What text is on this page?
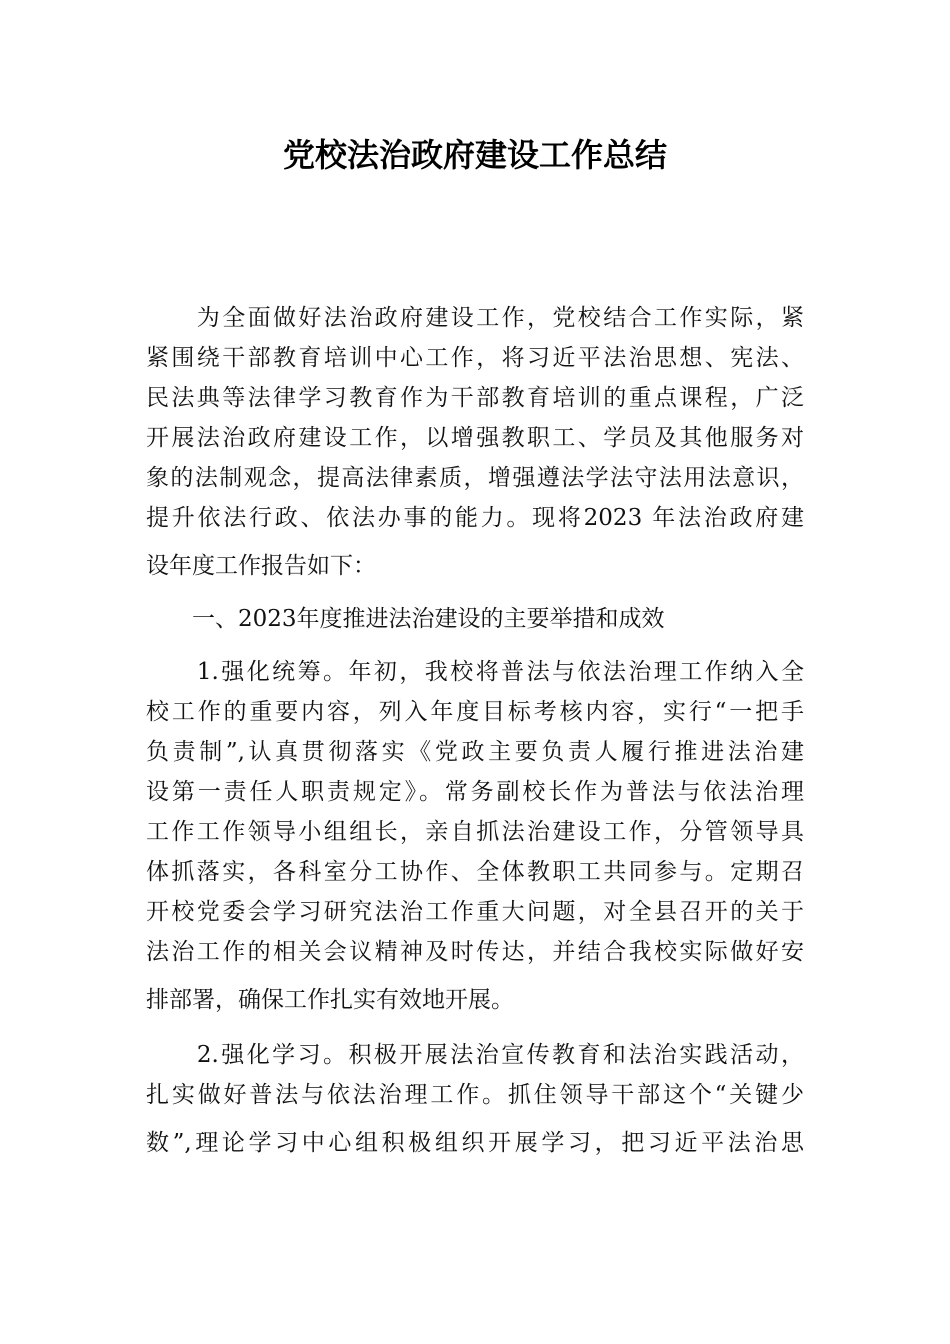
党校法治政府建设工作总结
　　为全面做好法治政府建设工作，党校结合工作实际，紧
紧围绕干部教育培训中心工作，将习近平法治思想、宪法、
民法典等法律学习教育作为干部教育培训的重点课程，广泛
开展法治政府建设工作，以增强教职工、学员及其他服务对
象的法制观念，提高法律素质，增强遵法学法守法用法意识，
提升依法行政、依法办事的能力。现将2023 年法治政府建
设年度工作报告如下：
　　一、2023年度推进法治建设的主要举措和成效
　　1.强化统筹。年初，我校将普法与依法治理工作纳入全
校工作的重要内容，列入年度目标考核内容，实行“一把手
负责制”,认真贯彻落实《党政主要负责人履行推进法治建
设第一责任人职责规定》。常务副校长作为普法与依法治理
工作工作领导小组组长，亲自抓法治建设工作，分管领导具
体抓落实，各科室分工协作、全体教职工共同参与。定期召
开校党委会学习研究法治工作重大问题，对全县召开的关于
法治工作的相关会议精神及时传达，并结合我校实际做好安
排部署，确保工作扎实有效地开展。
　　2.强化学习。积极开展法治宣传教育和法治实践活动，
扎实做好普法与依法治理工作。抓住领导干部这个“关键少
数”,理论学习中心组积极组织开展学习，把习近平法治思
